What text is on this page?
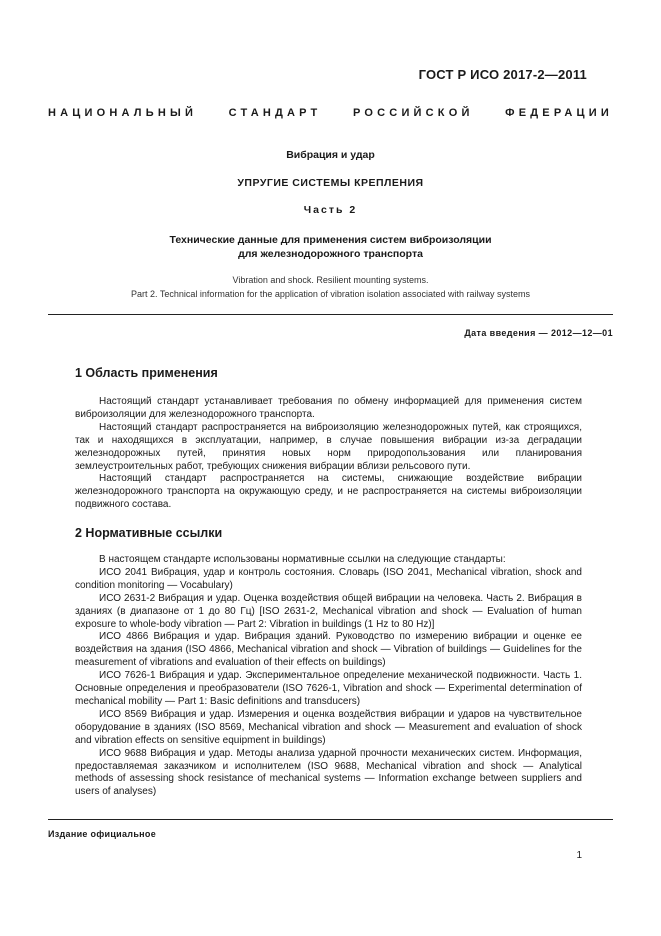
ГОСТ Р ИСО 2017-2—2011
НАЦИОНАЛЬНЫЙ	СТАНДАРТ	РОССИЙСКОЙ	ФЕДЕРАЦИИ
Вибрация и удар
УПРУГИЕ СИСТЕМЫ КРЕПЛЕНИЯ
Часть 2
Технические данные для применения систем виброизоляции
для железнодорожного транспорта
Vibration and shock. Resilient mounting systems.
Part 2. Technical information for the application of vibration isolation associated with railway systems
Дата введения — 2012—12—01
1 Область применения

Настоящий стандарт устанавливает требования по обмену информацией для применения систем виброизоляции для железнодорожного транспорта.

Настоящий стандарт распространяется на виброизоляцию железнодорожных путей, как строящихся, так и находящихся в эксплуатации, например, в случае повышения вибрации из-за деградации железнодорожных путей, принятия новых норм природопользования или планирования землеустроительных работ, требующих снижения вибрации вблизи рельсового пути.

Настоящий стандарт распространяется на системы, снижающие воздействие вибрации железнодорожного транспорта на окружающую среду, и не распространяется на системы виброизоляции подвижного состава.

2 Нормативные ссылки

В настоящем стандарте использованы нормативные ссылки на следующие стандарты:

ИСО 2041 Вибрация, удар и контроль состояния. Словарь (ISO 2041, Mechanical vibration, shock and condition monitoring — Vocabulary)

ИСО 2631-2 Вибрация и удар. Оценка воздействия общей вибрации на человека. Часть 2. Вибрация в зданиях (в диапазоне от 1 до 80 Гц) [ISO 2631-2, Mechanical vibration and shock — Evaluation of human exposure to whole-body vibration — Part 2: Vibration in buildings (1 Hz to 80 Hz)]

ИСО 4866 Вибрация и удар. Вибрация зданий. Руководство по измерению вибрации и оценке ее воздействия на здания (ISO 4866, Mechanical vibration and shock — Vibration of buildings — Guidelines for the measurement of vibrations and evaluation of their effects on buildings)

ИСО 7626-1 Вибрация и удар. Экспериментальное определение механической подвижности. Часть 1. Основные определения и преобразователи (ISO 7626-1, Vibration and shock — Experimental determination of mechanical mobility — Part 1: Basic definitions and transducers)

ИСО 8569 Вибрация и удар. Измерения и оценка воздействия вибрации и ударов на чувствительное оборудование в зданиях (ISO 8569, Mechanical vibration and shock — Measurement and evaluation of shock and vibration effects on sensitive equipment in buildings)

ИСО 9688 Вибрация и удар. Методы анализа ударной прочности механических систем. Информация, предоставляемая заказчиком и исполнителем (ISO 9688, Mechanical vibration and shock — Analytical methods of assessing shock resistance of mechanical systems — Information exchange between suppliers and users of analyses)

Издание официальное
1
